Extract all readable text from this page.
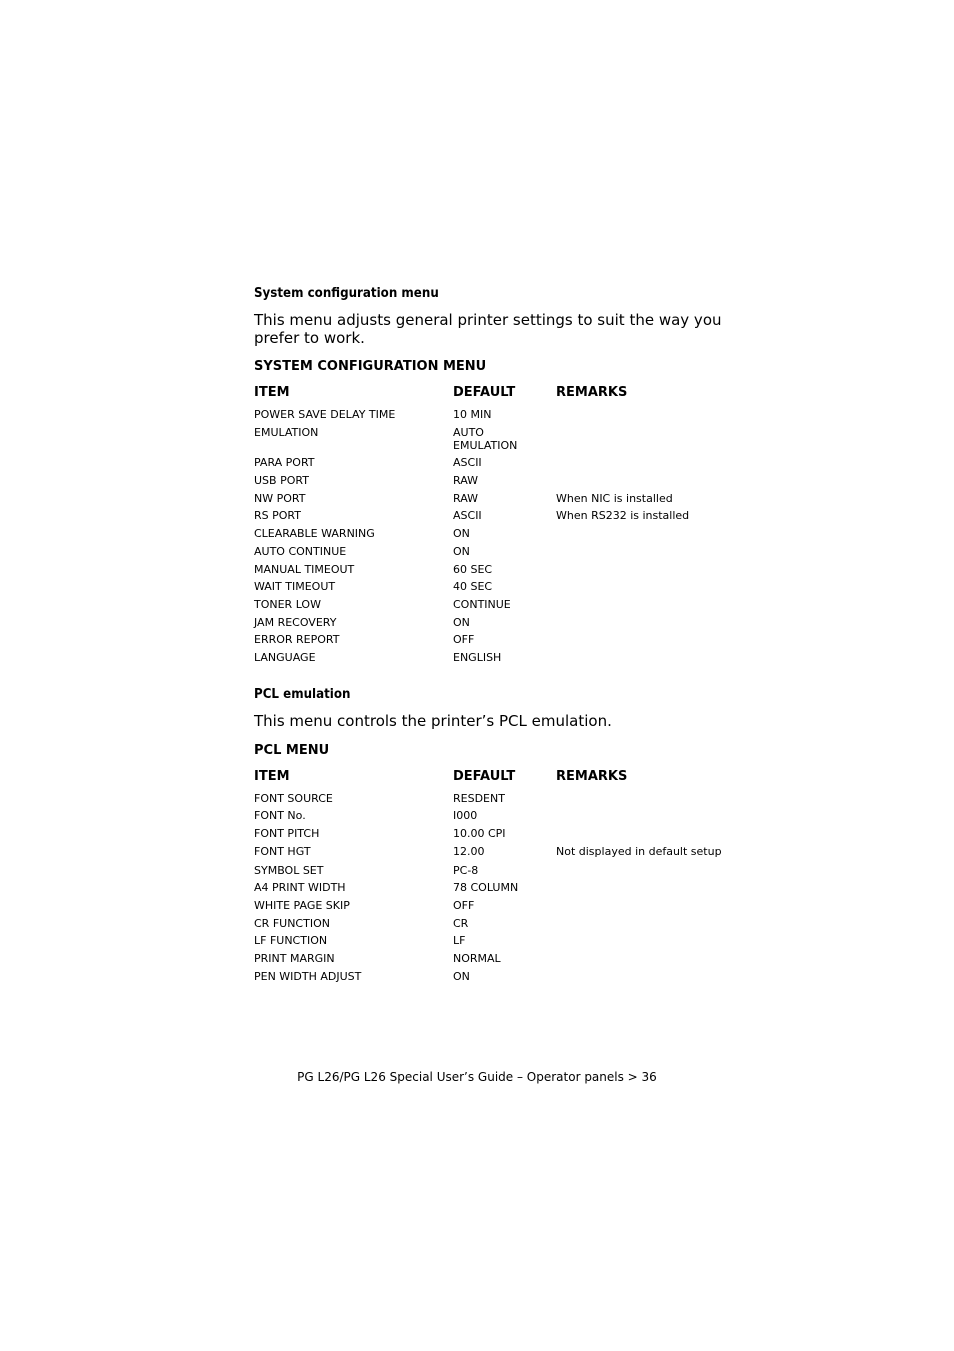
System configuration menu

This menu adjusts general printer settings to suit the way you prefer to work.

SYSTEM CONFIGURATION MENU
ITEM	DEFAULT	REMARKS
POWER SAVE DELAY TIME	10 MIN	
EMULATION	AUTO EMULATION	
PARA PORT	ASCII	
USB PORT	RAW	
NW PORT	RAW	When NIC is installed
RS PORT	ASCII	When RS232 is installed
CLEARABLE WARNING	ON	
AUTO CONTINUE	ON	
MANUAL TIMEOUT	60 SEC	
WAIT TIMEOUT	40 SEC	
TONER LOW	CONTINUE	
JAM RECOVERY	ON	
ERROR REPORT	OFF	
LANGUAGE	ENGLISH	
PCL emulation

This menu controls the printer’s PCL emulation.

PCL MENU
ITEM	DEFAULT	REMARKS
FONT SOURCE	RESDENT	
FONT No.	I000	
FONT PITCH	10.00 CPI	
FONT HGT	12.00	Not displayed in default setup
SYMBOL SET	PC-8	
A4 PRINT WIDTH	78 COLUMN	
WHITE PAGE SKIP	OFF	
CR FUNCTION	CR	
LF FUNCTION	LF	
PRINT MARGIN	NORMAL	
PEN WIDTH ADJUST	ON	
PG L26/PG L26 Special User’s Guide – Operator panels > 36
